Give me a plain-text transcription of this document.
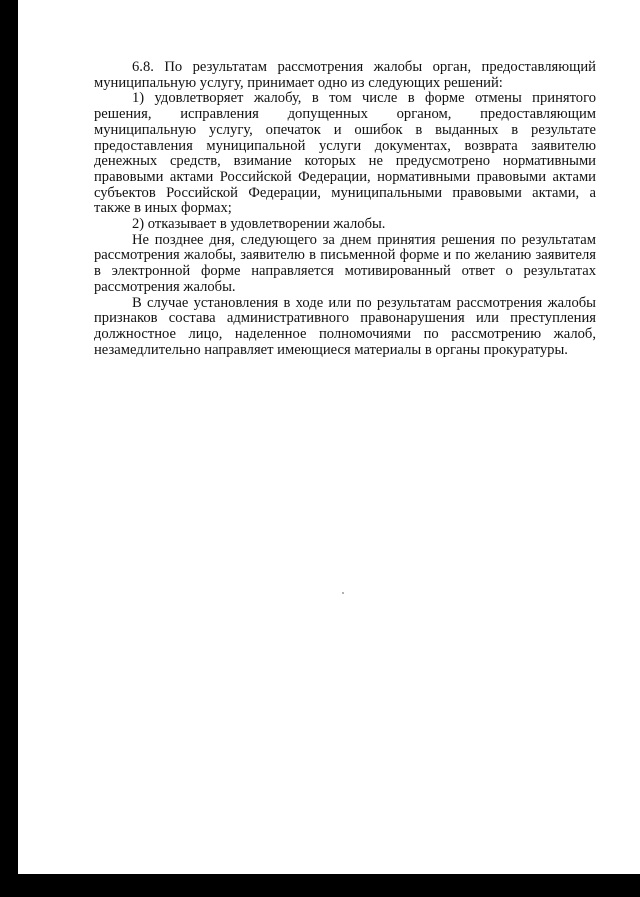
6.8. По результатам рассмотрения жалобы орган, предоставляющий муниципальную услугу, принимает одно из следующих решений:

1) удовлетворяет жалобу, в том числе в форме отмены принятого решения, исправления допущенных органом, предоставляющим муниципальную услугу, опечаток и ошибок в выданных в результате предоставления муниципальной услуги документах, возврата заявителю денежных средств, взимание которых не предусмотрено нормативными правовыми актами Российской Федерации, нормативными правовыми актами субъектов Российской Федерации, муниципальными правовыми актами, а также в иных формах;

2) отказывает в удовлетворении жалобы.

Не позднее дня, следующего за днем принятия решения по результатам рассмотрения жалобы, заявителю в письменной форме и по желанию заявителя в электронной форме направляется мотивированный ответ о результатах рассмотрения жалобы.

В случае установления в ходе или по результатам рассмотрения жалобы признаков состава административного правонарушения или преступления должностное лицо, наделенное полномочиями по рассмотрению жалоб, незамедлительно направляет имеющиеся материалы в органы прокуратуры.
